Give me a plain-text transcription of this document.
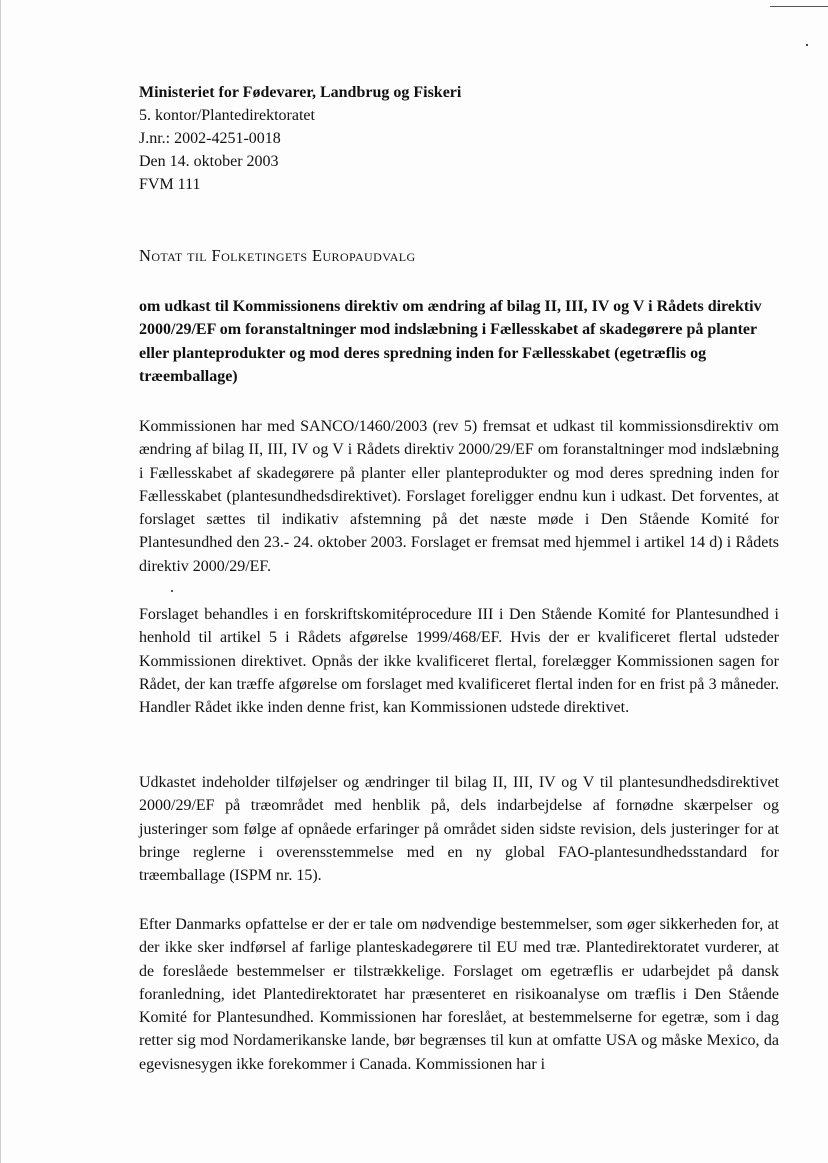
Ministeriet for Fødevarer, Landbrug og Fiskeri
5. kontor/Plantedirektoratet
J.nr.: 2002-4251-0018
Den 14. oktober 2003
FVM 111
Notat til Folketingets Europaudvalg
om udkast til Kommissionens direktiv om ændring af bilag II, III, IV og V i Rådets direktiv 2000/29/EF om foranstaltninger mod indslæbning i Fællesskabet af skadegørere på planter eller planteprodukter og mod deres spredning inden for Fællesskabet (egetræflis og træemballage)
Kommissionen har med SANCO/1460/2003 (rev 5) fremsat et udkast til kommissionsdirektiv om ændring af bilag II, III, IV og V i Rådets direktiv 2000/29/EF om foranstaltninger mod indslæbning i Fællesskabet af skadegørere på planter eller planteprodukter og mod deres spredning inden for Fællesskabet (plantesundhedsdirektivet). Forslaget foreligger endnu kun i udkast. Det forventes, at forslaget sættes til indikativ afstemning på det næste møde i Den Stående Komité for Plantesundhed den 23.- 24. oktober 2003. Forslaget er fremsat med hjemmel i artikel 14 d) i Rådets direktiv 2000/29/EF.
Forslaget behandles i en forskriftskomitéprocedure III i Den Stående Komité for Plantesundhed i henhold til artikel 5 i Rådets afgørelse 1999/468/EF. Hvis der er kvalificeret flertal udsteder Kommissionen direktivet. Opnås der ikke kvalificeret flertal, forelægger Kommissionen sagen for Rådet, der kan træffe afgørelse om forslaget med kvalificeret flertal inden for en frist på 3 måneder. Handler Rådet ikke inden denne frist, kan Kommissionen udstede direktivet.
Udkastet indeholder tilføjelser og ændringer til bilag II, III, IV og V til plantesundhedsdirektivet 2000/29/EF på træområdet med henblik på, dels indarbejdelse af fornødne skærpelser og justeringer som følge af opnåede erfaringer på området siden sidste revision, dels justeringer for at bringe reglerne i overensstemmelse med en ny global FAO-plantesundhedsstandard for træemballage (ISPM nr. 15).
Efter Danmarks opfattelse er der er tale om nødvendige bestemmelser, som øger sikkerheden for, at der ikke sker indførsel af farlige planteskadegørere til EU med træ. Plantedirektoratet vurderer, at de foreslåede bestemmelser er tilstrækkelige. Forslaget om egetræflis er udarbejdet på dansk foranledning, idet Plantedirektoratet har præsenteret en risikoanalyse om træflis i Den Stående Komité for Plantesundhed. Kommissionen har foreslået, at bestemmelserne for egetræ, som i dag retter sig mod Nordamerikanske lande, bør begrænses til kun at omfatte USA og måske Mexico, da egevisnesygen ikke forekommer i Canada. Kommissionen har i
